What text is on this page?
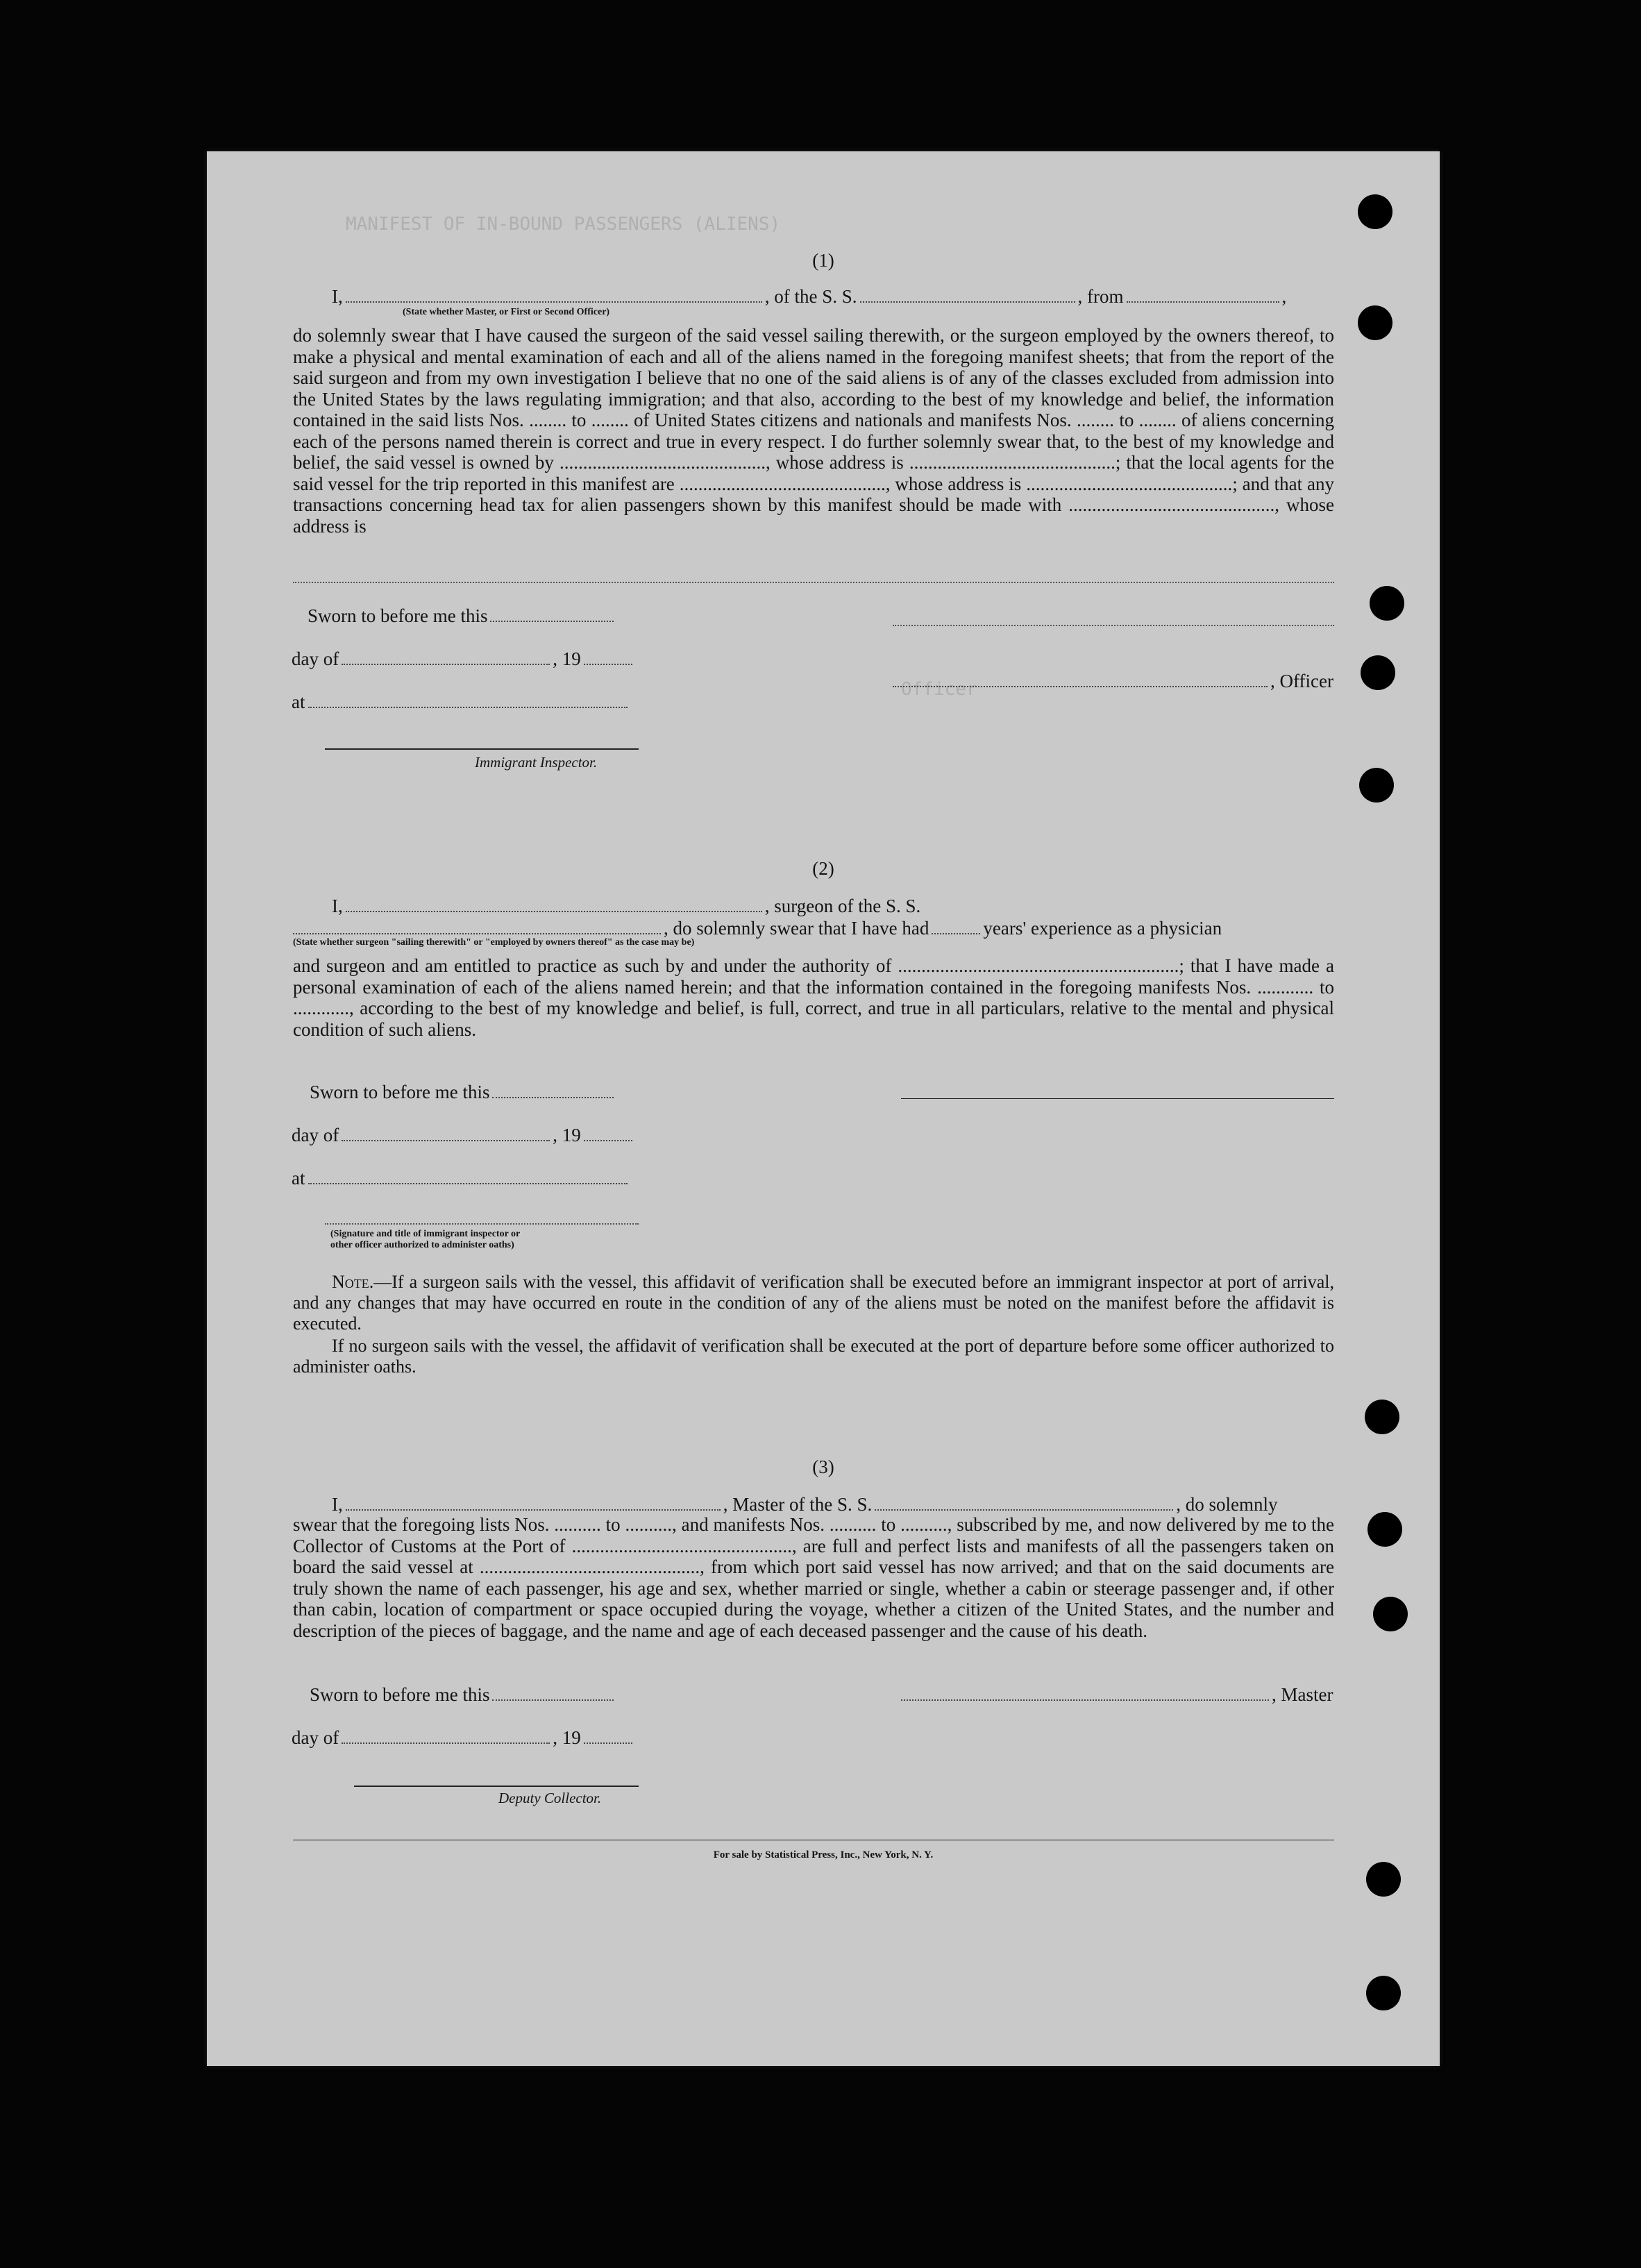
MANIFEST OF IN-BOUND PASSENGERS (ALIENS)
Officer
(1)
I,	, of the S. S.	, from	,
(State whether Master, or First or Second Officer)
do solemnly swear that I have caused the surgeon of the said vessel sailing therewith, or the surgeon employed by the owners thereof, to make a physical and mental examination of each and all of the aliens named in the foregoing manifest sheets; that from the report of the said surgeon and from my own investigation I believe that no one of the said aliens is of any of the classes excluded from admission into the United States by the laws regulating immigration; and that also, according to the best of my knowledge and belief, the information contained in the said lists Nos. ........ to ........ of United States citizens and nationals and manifests Nos. ........ to ........ of aliens concerning each of the persons named therein is correct and true in every respect. I do further solemnly swear that, to the best of my knowledge and belief, the said vessel is owned by ............................................, whose address is ............................................; that the local agents for the said vessel for the trip reported in this manifest are ............................................, whose address is ............................................; and that any transactions concerning head tax for alien passengers shown by this manifest should be made with ............................................, whose address is
Sworn to before me this
day of	, 19
at
Immigrant Inspector.
, Officer
(2)
I,	, surgeon of the S. S.
, do solemnly swear that I have had	years' experience as a physician
(State whether surgeon "sailing therewith" or "employed by owners thereof" as the case may be)
and surgeon and am entitled to practice as such by and under the authority of ............................................................; that I have made a personal examination of each of the aliens named herein; and that the information contained in the foregoing manifests Nos. ............ to ............, according to the best of my knowledge and belief, is full, correct, and true in all particulars, relative to the mental and physical condition of such aliens.
Sworn to before me this
day of	, 19
at
(Signature and title of immigrant inspector or
other officer authorized to administer oaths)
Note.—If a surgeon sails with the vessel, this affidavit of verification shall be executed before an immigrant inspector at port of arrival, and any changes that may have occurred en route in the condition of any of the aliens must be noted on the manifest before the affidavit is executed.
If no surgeon sails with the vessel, the affidavit of verification shall be executed at the port of departure before some officer authorized to administer oaths.
(3)
I,	, Master of the S. S.	, do solemnly
swear that the foregoing lists Nos. .......... to .........., and manifests Nos. .......... to .........., subscribed by me, and now delivered by me to the Collector of Customs at the Port of ..............................................., are full and perfect lists and manifests of all the passengers taken on board the said vessel at ..............................................., from which port said vessel has now arrived; and that on the said documents are truly shown the name of each passenger, his age and sex, whether married or single, whether a cabin or steerage passenger and, if other than cabin, location of compartment or space occupied during the voyage, whether a citizen of the United States, and the number and description of the pieces of baggage, and the name and age of each deceased passenger and the cause of his death.
Sworn to before me this	, Master
day of	, 19
Deputy Collector.
For sale by Statistical Press, Inc., New York, N. Y.
